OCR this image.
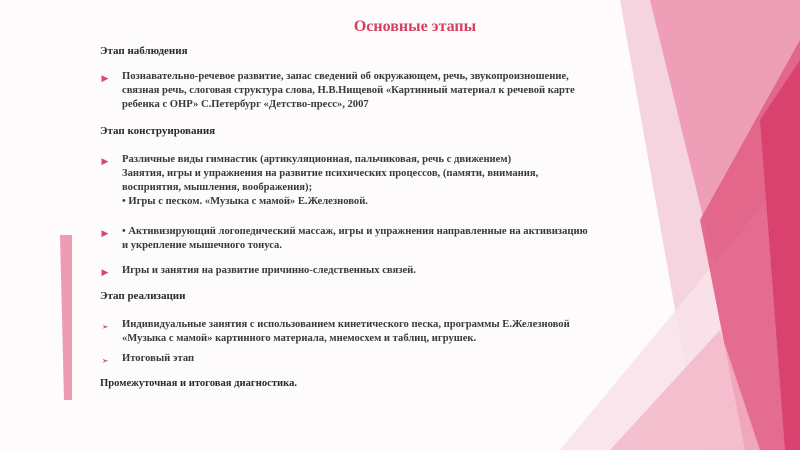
Основные этапы
Этап наблюдения
▶ Познавательно-речевое развитие, запас сведений об окружающем, речь, звукопроизношение,
связная речь, слоговая структура слова, Н.В.Нищевой «Картинный материал к речевой карте
ребенка с ОНР» С.Петербург «Детство-пресс», 2007
Этап конструирования
▶ Различные виды гимнастик (артикуляционная, пальчиковая, речь с движением)
Занятия, игры и упражнения на развитие психических процессов, (памяти, внимания,
восприятия, мышления, воображения);
• Игры с песком. «Музыка с мамой» Е.Железновой.
▶ • Активизирующий логопедический массаж, игры и упражнения направленные на активизацию
и укрепление мышечного тонуса.
▶ Игры и занятия на развитие причинно-следственных связей.
Этап реализации
➢ Индивидуальные занятия с использованием кинетического песка, программы Е.Железновой
«Музыка с мамой» картинного материала, мнемосхем и таблиц, игрушек.
➢ Итоговый этап
Промежуточная и итоговая диагностика.
